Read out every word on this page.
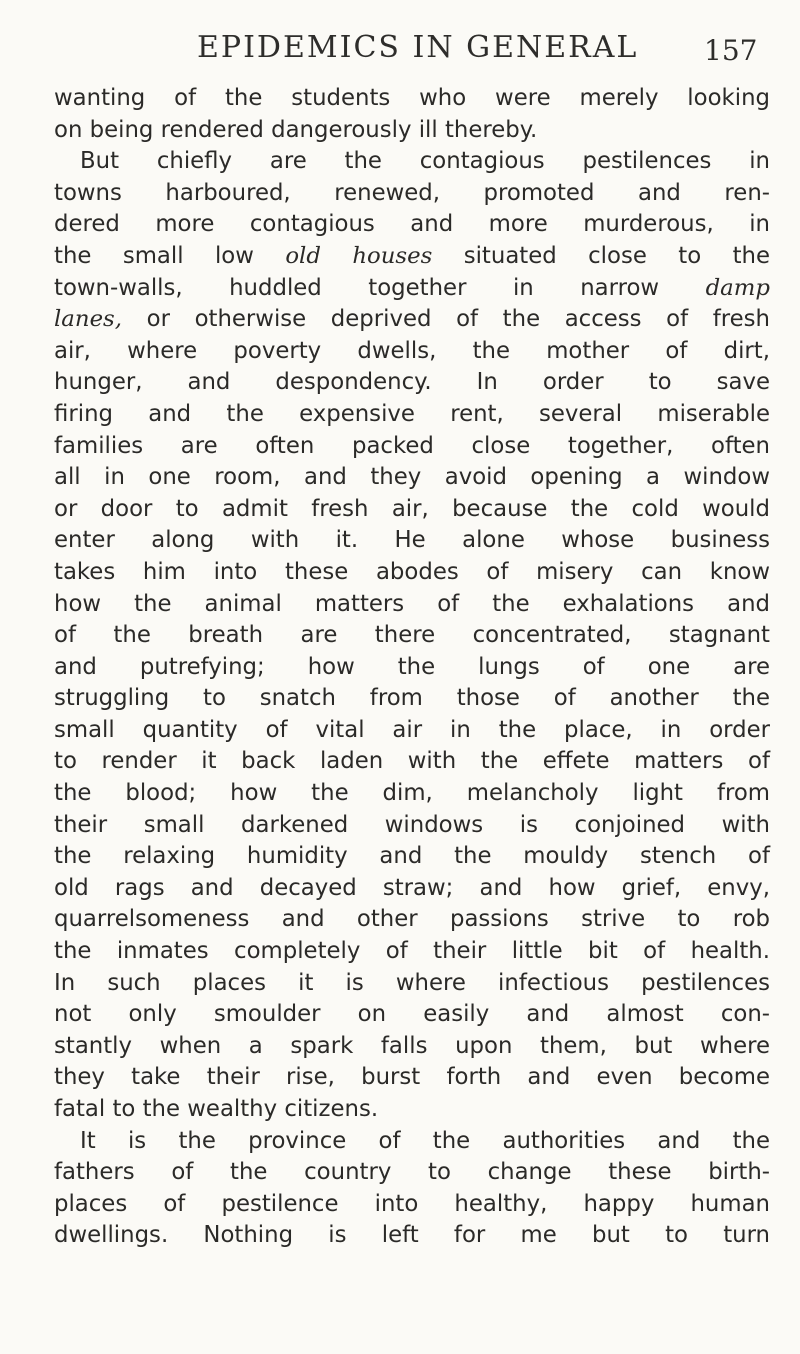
EPIDEMICS IN GENERAL 157
wanting of the students who were merely looking
on being rendered dangerously ill thereby.
But chiefly are the contagious pestilences in
towns harboured, renewed, promoted and ren-
dered more contagious and more murderous, in
the small low old houses situated close to the
town-walls, huddled together in narrow damp
lanes, or otherwise deprived of the access of fresh
air, where poverty dwells, the mother of dirt,
hunger, and despondency. In order to save
firing and the expensive rent, several miserable
families are often packed close together, often
all in one room, and they avoid opening a window
or door to admit fresh air, because the cold would
enter along with it. He alone whose business
takes him into these abodes of misery can know
how the animal matters of the exhalations and
of the breath are there concentrated, stagnant
and putrefying; how the lungs of one are
struggling to snatch from those of another the
small quantity of vital air in the place, in order
to render it back laden with the effete matters of
the blood; how the dim, melancholy light from
their small darkened windows is conjoined with
the relaxing humidity and the mouldy stench of
old rags and decayed straw; and how grief, envy,
quarrelsomeness and other passions strive to rob
the inmates completely of their little bit of health.
In such places it is where infectious pestilences
not only smoulder on easily and almost con-
stantly when a spark falls upon them, but where
they take their rise, burst forth and even become
fatal to the wealthy citizens.
It is the province of the authorities and the
fathers of the country to change these birth-
places of pestilence into healthy, happy human
dwellings. Nothing is left for me but to turn
